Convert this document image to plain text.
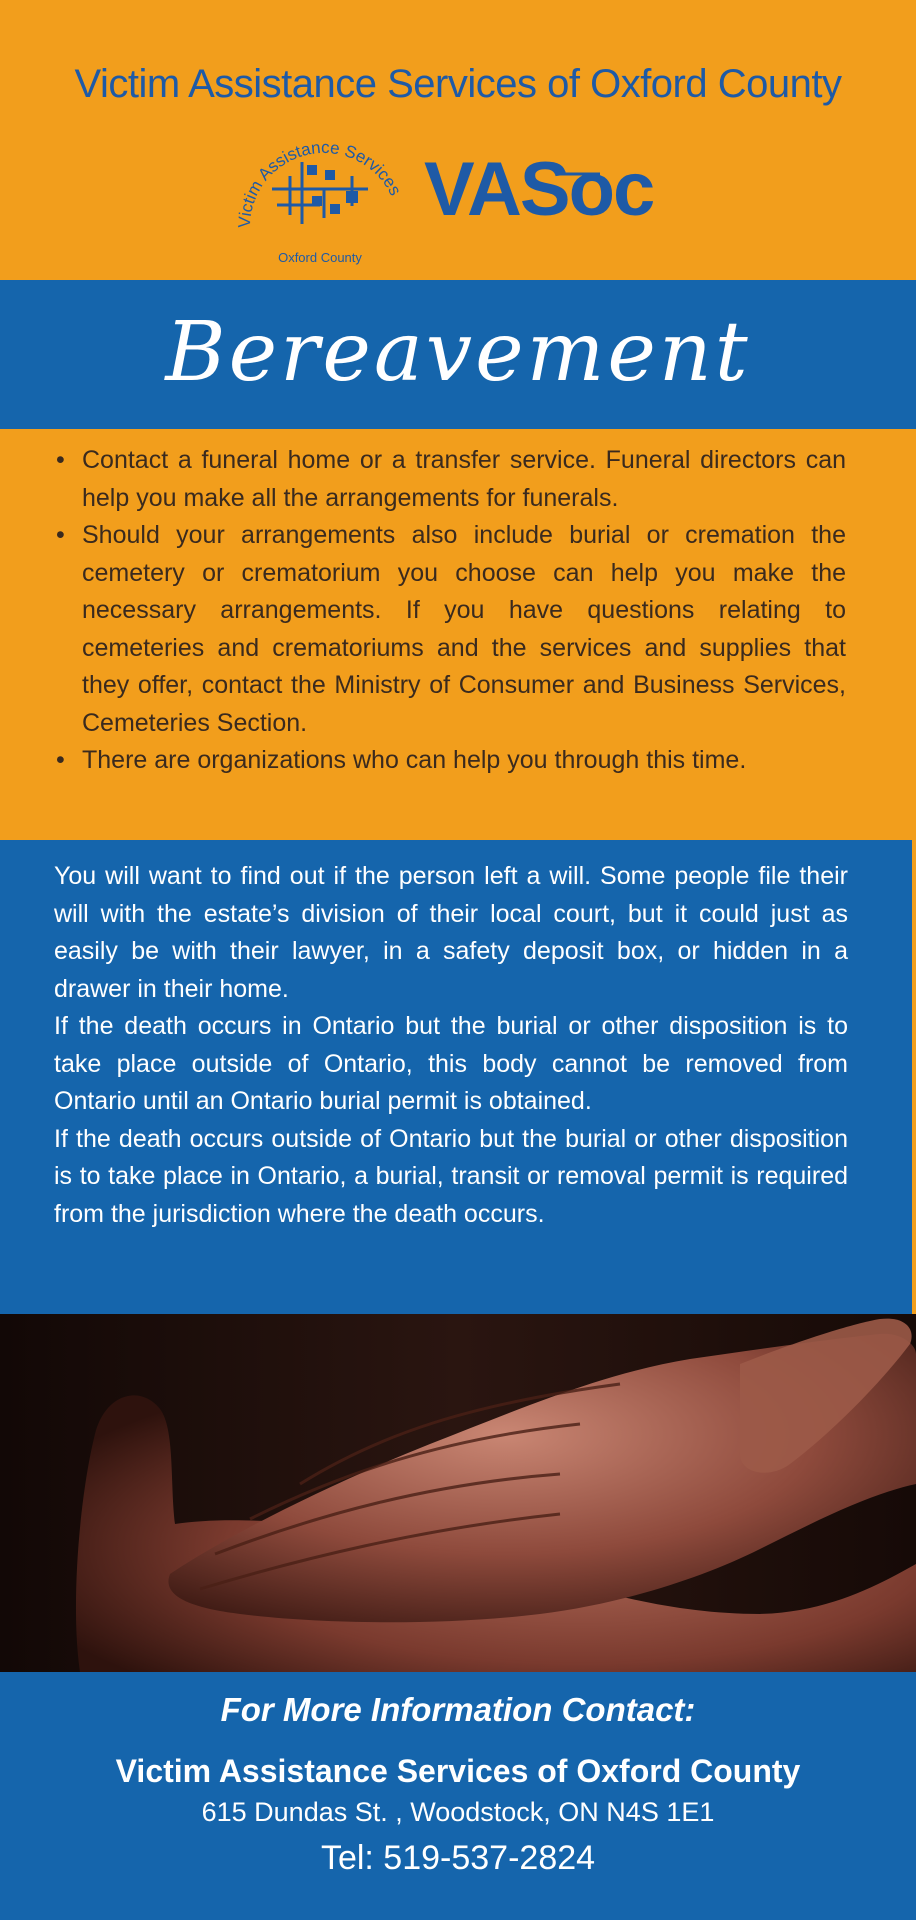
Victim Assistance Services of Oxford County
Victim Assistance Services
Oxford County
VASoc
Bereavement
• Contact a funeral home or a transfer service. Funeral directors can help you make all the arrangements for funerals.
• Should your arrangements also include burial or cremation the cemetery or crematorium you choose can help you make the necessary arrangements. If you have questions relating to cemeteries and crematoriums and the services and supplies that they offer, contact the Ministry of Consumer and Business Services, Cemeteries Section.
• There are organizations who can help you through this time.

You will want to find out if the person left a will. Some people file their will with the estate’s division of their local court, but it could just as easily be with their lawyer, in a safety deposit box, or hidden in a drawer in their home.

If the death occurs in Ontario but the burial or other disposition is to take place outside of Ontario, this body cannot be removed from Ontario until an Ontario burial permit is obtained.

If the death occurs outside of Ontario but the burial or other disposition is to take place in Ontario, a burial, transit or removal permit is required from the jurisdiction where the death occurs.

For More Information Contact:
Victim Assistance Services of Oxford County
615 Dundas St. , Woodstock, ON N4S 1E1
Tel: 519-537-2824
